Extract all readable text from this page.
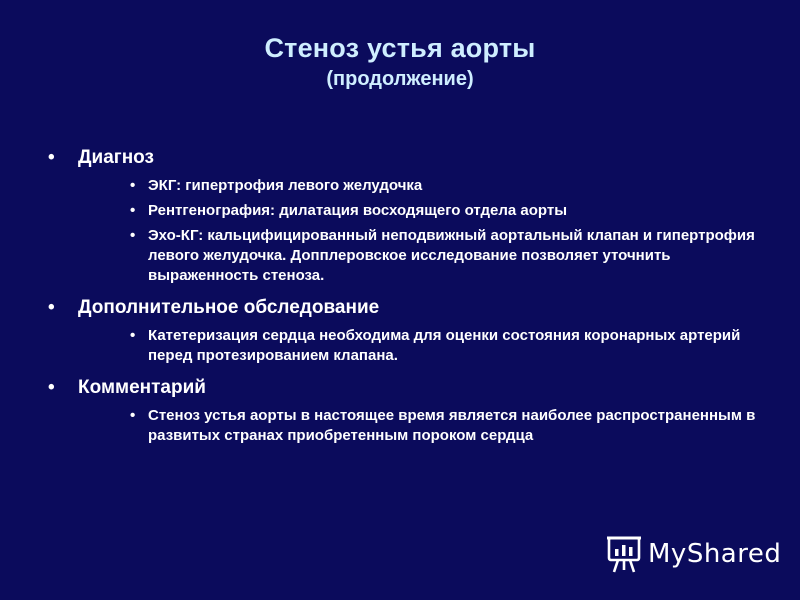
Стеноз устья аорты
(продолжение)
• Диагноз
• ЭКГ: гипертрофия левого желудочка
• Рентгенография: дилатация восходящего отдела аорты
• Эхо-КГ: кальцифицированный неподвижный аортальный клапан и гипертрофия левого желудочка. Допплеровское исследование позволяет уточнить выраженность стеноза.
• Дополнительное обследование
• Катетеризация сердца необходима для оценки состояния коронарных артерий перед протезированием клапана.
• Комментарий
• Стеноз устья аорты в настоящее время является наиболее распространенным в развитых странах приобретенным пороком сердца
MyShared
